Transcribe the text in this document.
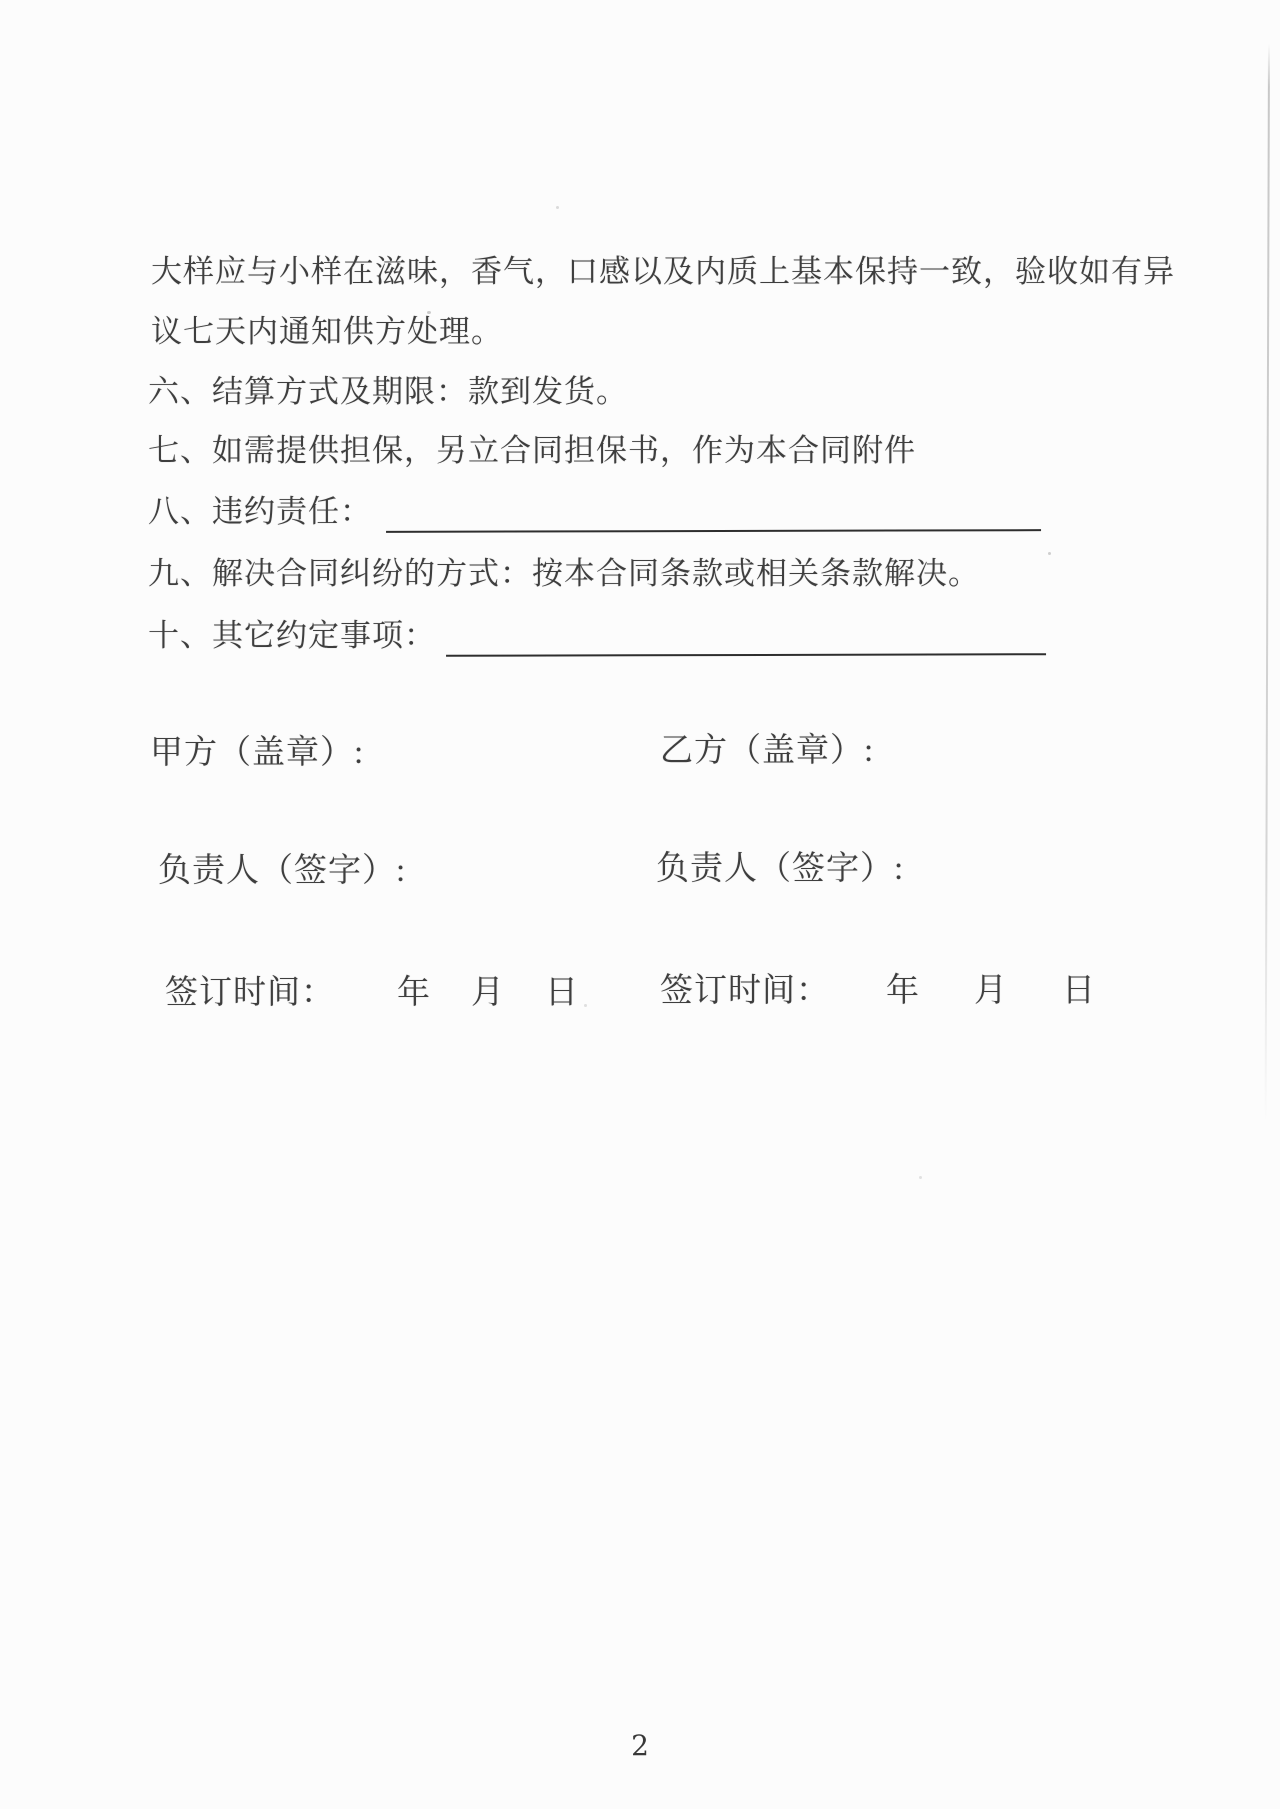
大样应与小样在滋味，香气，口感以及内质上基本保持一致，验收如有异

议七天内通知供方处理。

六、结算方式及期限：款到发货。

七、如需提供担保，另立合同担保书，作为本合同附件

八、违约责任：

九、解决合同纠纷的方式：按本合同条款或相关条款解决。

十、其它约定事项：

甲方（盖章）:

负责人（签字）:

签订时间： 年　月　日

乙方（盖章）:

负责人（签字）:

签订时间： 年　月　日

2
